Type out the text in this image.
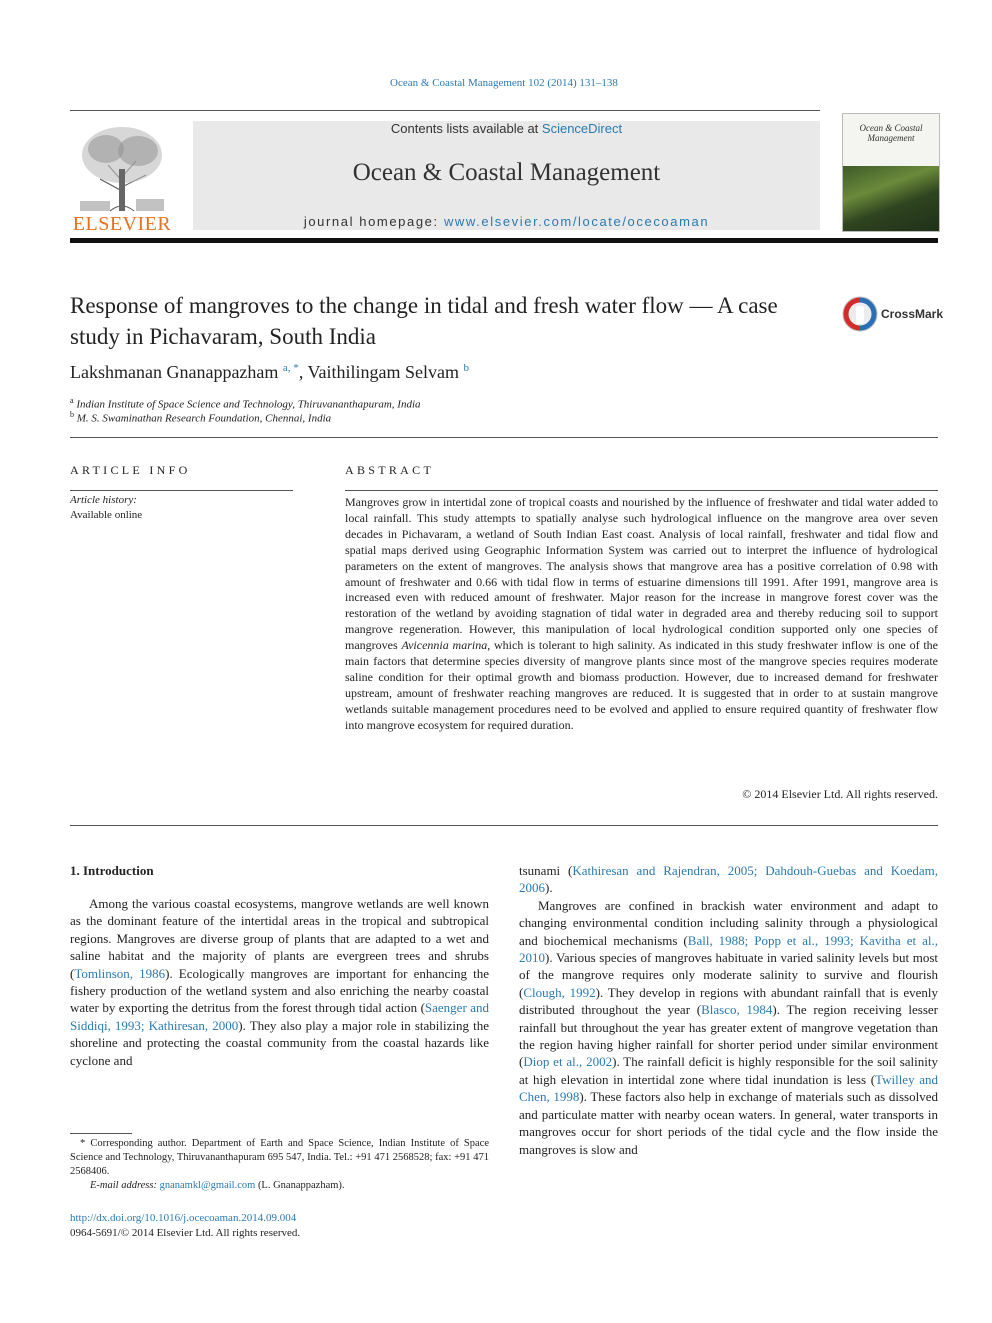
Ocean & Coastal Management 102 (2014) 131–138
ELSEVIER
Contents lists available at ScienceDirect
Ocean & Coastal Management
journal homepage: www.elsevier.com/locate/ocecoaman
Ocean & Coastal Management
Response of mangroves to the change in tidal and fresh water flow — A case study in Pichavaram, South India
CrossMark
Lakshmanan Gnanappazham $^{a, *}$, Vaithilingam Selvam $^b$
$^a$ Indian Institute of Space Science and Technology, Thiruvananthapuram, India
$^b$ M. S. Swaminathan Research Foundation, Chennai, India
ARTICLE INFO
Article history:
Available online
ABSTRACT
Mangroves grow in intertidal zone of tropical coasts and nourished by the influence of freshwater and tidal water added to local rainfall. This study attempts to spatially analyse such hydrological influence on the mangrove area over seven decades in Pichavaram, a wetland of South Indian East coast. Analysis of local rainfall, freshwater and tidal flow and spatial maps derived using Geographic Information System was carried out to interpret the influence of hydrological parameters on the extent of mangroves. The analysis shows that mangrove area has a positive correlation of 0.98 with amount of freshwater and 0.66 with tidal flow in terms of estuarine dimensions till 1991. After 1991, mangrove area is increased even with reduced amount of freshwater. Major reason for the increase in mangrove forest cover was the restoration of the wetland by avoiding stagnation of tidal water in degraded area and thereby reducing soil to support mangrove regeneration. However, this manipulation of local hydrological condition supported only one species of mangroves Avicennia marina, which is tolerant to high salinity. As indicated in this study freshwater inflow is one of the main factors that determine species diversity of mangrove plants since most of the mangrove species requires moderate saline condition for their optimal growth and biomass production. However, due to increased demand for freshwater upstream, amount of freshwater reaching mangroves are reduced. It is suggested that in order to at sustain mangrove wetlands suitable management procedures need to be evolved and applied to ensure required quantity of freshwater flow into mangrove ecosystem for required duration.
© 2014 Elsevier Ltd. All rights reserved.
1. Introduction

Among the various coastal ecosystems, mangrove wetlands are well known as the dominant feature of the intertidal areas in the tropical and subtropical regions. Mangroves are diverse group of plants that are adapted to a wet and saline habitat and the majority of plants are evergreen trees and shrubs (Tomlinson, 1986). Ecologically mangroves are important for enhancing the fishery production of the wetland system and also enriching the nearby coastal water by exporting the detritus from the forest through tidal action (Saenger and Siddiqi, 1993; Kathiresan, 2000). They also play a major role in stabilizing the shoreline and protecting the coastal community from the coastal hazards like cyclone and

tsunami (Kathiresan and Rajendran, 2005; Dahdouh-Guebas and Koedam, 2006).

Mangroves are confined in brackish water environment and adapt to changing environmental condition including salinity through a physiological and biochemical mechanisms (Ball, 1988; Popp et al., 1993; Kavitha et al., 2010). Various species of mangroves habituate in varied salinity levels but most of the mangrove requires only moderate salinity to survive and flourish (Clough, 1992). They develop in regions with abundant rainfall that is evenly distributed throughout the year (Blasco, 1984). The region receiving lesser rainfall but throughout the year has greater extent of mangrove vegetation than the region having higher rainfall for shorter period under similar environment (Diop et al., 2002). The rainfall deficit is highly responsible for the soil salinity at high elevation in intertidal zone where tidal inundation is less (Twilley and Chen, 1998). These factors also help in exchange of materials such as dissolved and particulate matter with nearby ocean waters. In general, water transports in mangroves occur for short periods of the tidal cycle and the flow inside the mangroves is slow and

* Corresponding author. Department of Earth and Space Science, Indian Institute of Space Science and Technology, Thiruvananthapuram 695 547, India. Tel.: +91 471 2568528; fax: +91 471 2568406.
E-mail address: gnanamkl@gmail.com (L. Gnanappazham).
http://dx.doi.org/10.1016/j.ocecoaman.2014.09.004
0964-5691/© 2014 Elsevier Ltd. All rights reserved.
